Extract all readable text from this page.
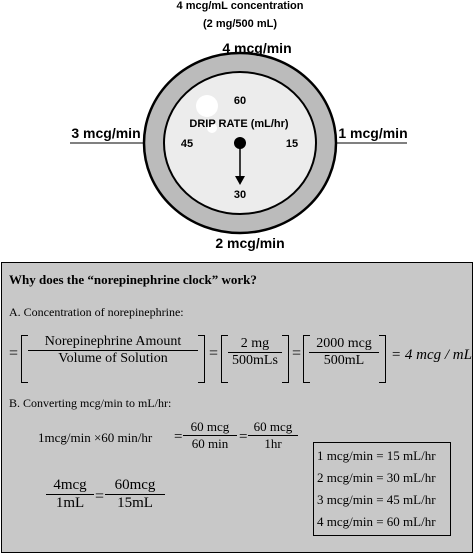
4 mcg/mL concentration
(2 mg/500 mL)
DRIP RATE (mL/hr)
60
15
30
45
4 mcg/min
1 mcg/min
2 mcg/min
3 mcg/min
Why does the “norepinephrine clock” work?
A. Concentration of norepinephrine:
=
Norepinephrine Amount
Volume of Solution	=
2 mg
500mLs =
2000 mcg
500mL	= 4 mcg / mL
B. Converting mcg/min to mL/hr:
1mcg/min ×60 min/hr =
60 mcg
60 min =
60 mcg
1hr
4mcg
1mL =
60mcg
15mL
1 mcg/min = 15 mL/hr
2 mcg/min = 30 mL/hr
3 mcg/min = 45 mL/hr
4 mcg/min = 60 mL/hr
